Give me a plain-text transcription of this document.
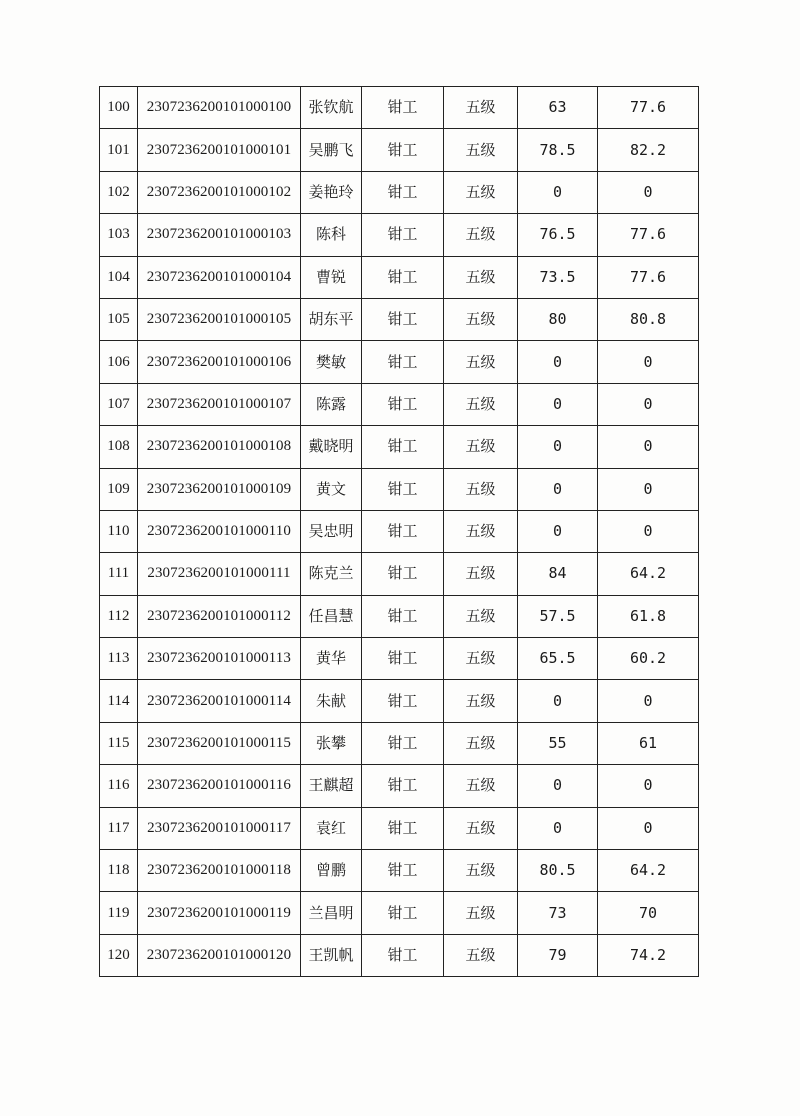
100	2307236200101000100	张钦航	钳工	五级	63	77.6
101	2307236200101000101	吴鹏飞	钳工	五级	78.5	82.2
102	2307236200101000102	姜艳玲	钳工	五级	0	0
103	2307236200101000103	陈科	钳工	五级	76.5	77.6
104	2307236200101000104	曹锐	钳工	五级	73.5	77.6
105	2307236200101000105	胡东平	钳工	五级	80	80.8
106	2307236200101000106	樊敏	钳工	五级	0	0
107	2307236200101000107	陈露	钳工	五级	0	0
108	2307236200101000108	戴晓明	钳工	五级	0	0
109	2307236200101000109	黄文	钳工	五级	0	0
110	2307236200101000110	吴忠明	钳工	五级	0	0
111	2307236200101000111	陈克兰	钳工	五级	84	64.2
112	2307236200101000112	任昌慧	钳工	五级	57.5	61.8
113	2307236200101000113	黄华	钳工	五级	65.5	60.2
114	2307236200101000114	朱献	钳工	五级	0	0
115	2307236200101000115	张攀	钳工	五级	55	61
116	2307236200101000116	王麒超	钳工	五级	0	0
117	2307236200101000117	袁红	钳工	五级	0	0
118	2307236200101000118	曾鹏	钳工	五级	80.5	64.2
119	2307236200101000119	兰昌明	钳工	五级	73	70
120	2307236200101000120	王凯帆	钳工	五级	79	74.2
